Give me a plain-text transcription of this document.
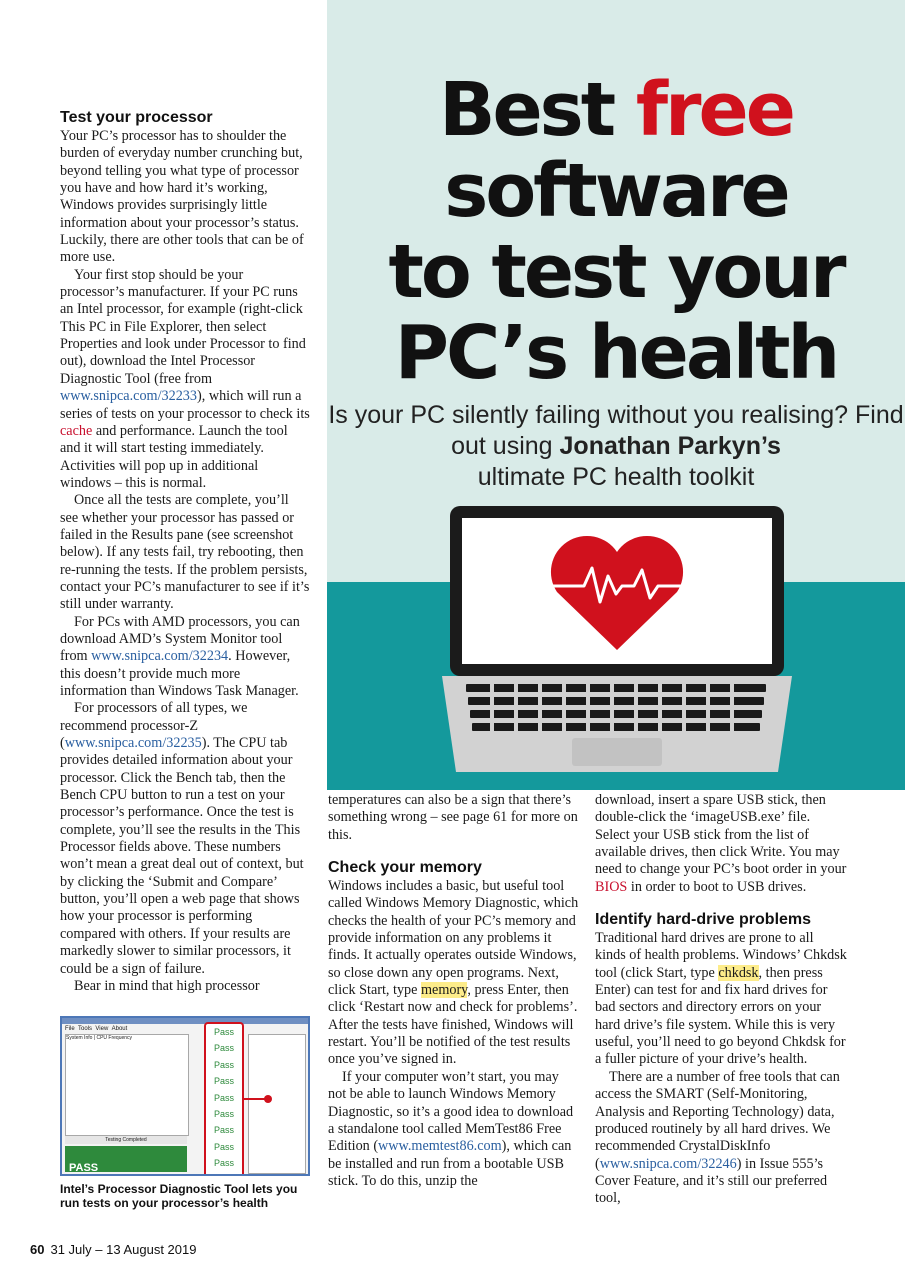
Best free
software
to test your
PC’s health
Is your PC silently failing without you realising? Find out using Jonathan Parkyn’s
ultimate PC health toolkit
Test your processor

Your PC’s processor has to shoulder the burden of everyday number crunching but, beyond telling you what type of processor you have and how hard it’s working, Windows provides surprisingly little information about your processor’s status. Luckily, there are other tools that can be of more use.

Your first stop should be your processor’s manufacturer. If your PC runs an Intel processor, for example (right-click This PC in File Explorer, then select Properties and look under Processor to find out), download the Intel Processor Diagnostic Tool (free from www.snipca.com/32233), which will run a series of tests on your processor to check its cache and performance. Launch the tool and it will start testing immediately. Activities will pop up in additional windows – this is normal.

Once all the tests are complete, you’ll see whether your processor has passed or failed in the Results pane (see screenshot below). If any tests fail, try rebooting, then re-running the tests. If the problem persists, contact your PC’s manufacturer to see if it’s still under warranty.

For PCs with AMD processors, you can download AMD’s System Monitor tool from www.snipca.com/32234. However, this doesn’t provide much more information than Windows Task Manager.

For processors of all types, we recommend processor-Z (www.snipca.com/32235). The CPU tab provides detailed information about your processor. Click the Bench tab, then the Bench CPU button to run a test on your processor’s performance. Once the test is complete, you’ll see the results in the This Processor fields above. These numbers won’t mean a great deal out of context, but by clicking the ‘Submit and Compare’ button, you’ll open a web page that shows how your processor is performing compared with others. If your results are markedly slower to similar processors, it could be a sign of failure.

Bear in mind that high processor

File Tools View About
System Info | CPU Frequency
Testing Completed
PASS
Pass
Pass
Pass
Pass
Pass
Pass
Pass
Pass
Pass
Intel’s Processor Diagnostic Tool lets you run tests on your processor’s health

temperatures can also be a sign that there’s something wrong – see page 61 for more on this.

Check your memory

Windows includes a basic, but useful tool called Windows Memory Diagnostic, which checks the health of your PC’s memory and provide information on any problems it finds. It actually operates outside Windows, so close down any open programs. Next, click Start, type memory, press Enter, then click ‘Restart now and check for problems’. After the tests have finished, Windows will restart. You’ll be notified of the test results once you’ve signed in.

If your computer won’t start, you may not be able to launch Windows Memory Diagnostic, so it’s a good idea to download a standalone tool called MemTest86 Free Edition (www.memtest86.com), which can be installed and run from a bootable USB stick. To do this, unzip the

download, insert a spare USB stick, then double-click the ‘imageUSB.exe’ file. Select your USB stick from the list of available drives, then click Write. You may need to change your PC’s boot order in your BIOS in order to boot to USB drives.

Identify hard-drive problems

Traditional hard drives are prone to all kinds of health problems. Windows’ Chkdsk tool (click Start, type chkdsk, then press Enter) can test for and fix hard drives for bad sectors and directory errors on your hard drive’s file system. While this is very useful, you’ll need to go beyond Chkdsk for a fuller picture of your drive’s health.

There are a number of free tools that can access the SMART (Self-Monitoring, Analysis and Reporting Technology) data, produced routinely by all hard drives. We recommended CrystalDiskInfo (www.snipca.com/32246) in Issue 555’s Cover Feature, and it’s still our preferred tool,

60 31 July – 13 August 2019
